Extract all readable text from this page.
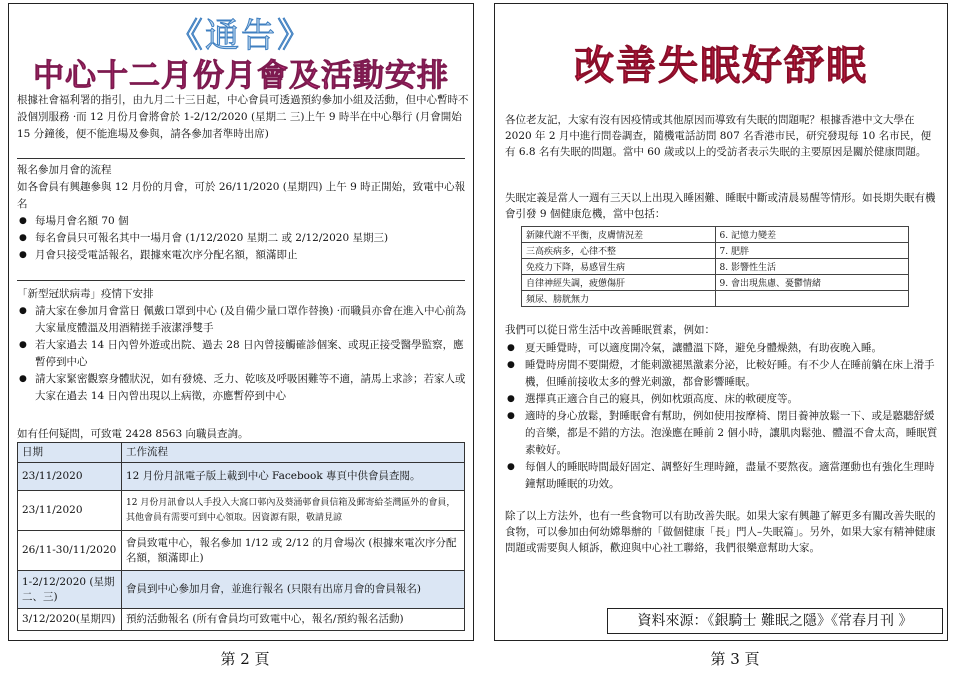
《通告》
中心十二月份月會及活動安排
根據社會福利署的指引，由九月二十三日起，中心會員可透過預約參加小組及活動，但中心暫時不設個別服務 ·而 12 月份月會將會於 1-2/12/2020 (星期二 三)上午 9 時半在中心舉行 (月會開始 15 分鐘後，便不能進場及參與，請各參加者準時出席)

報名參加月會的流程

如各會員有興趣參與 12 月份的月會，可於 26/11/2020 (星期四) 上午 9 時正開始，致電中心報名

● 每場月會名額 70 個
● 每名會員只可報名其中一場月會 (1/12/2020 星期二 或 2/12/2020 星期三)
● 月會只接受電話報名，跟據來電次序分配名額，額滿即止

「新型冠狀病毒」疫情下安排

● 請大家在參加月會當日 佩戴口罩到中心 (及自備少量口罩作替換) ·而職員亦會在進入中心前為大家量度體溫及用酒精搓手液潔淨雙手
● 若大家過去 14 日內曾外遊或出院、過去 28 日內曾接觸確診個案、或現正接受醫學監察，應暫停到中心
● 請大家緊密觀察身體狀況，如有發燒、乏力、乾咳及呼吸困難等不適，請馬上求診；若家人或大家在過去 14 日內曾出現以上病徵，亦應暫停到中心
如有任何疑問，可致電 2428 8563 向職員查詢。
日期	工作流程
23/11/2020	12 月份月訊電子版上載到中心 Facebook 專頁中供會員查閱。
23/11/2020	12 月份月訊會以人手投入大窩口邨內及葵涌邨會員信箱及郵寄給荃灣區外的會員，其他會員有需要可到中心領取。因資源有限，敬請見諒
26/11-30/11/2020	會員致電中心，報名參加 1/12 或 2/12 的月會場次 (根據來電次序分配名額，額滿即止)
1-2/12/2020 (星期二、三)	會員到中心參加月會，並進行報名 (只限有出席月會的會員報名)
3/12/2020(星期四)	預約活動報名 (所有會員均可致電中心，報名/預約報名活動)
第 2 頁
改善失眠好舒眠
各位老友記，大家有沒有因疫情或其他原因而導致有失眠的問題呢？根據香港中文大學在 2020 年 2 月中進行問卷調查，隨機電話訪問 807 名香港市民，研究發現每 10 名市民，便有 6.8 名有失眠的問題。當中 60 歲或以上的受訪者表示失眠的主要原因是關於健康問題。
失眠定義是當人一週有三天以上出現入睡困難、睡眠中斷或清晨易醒等情形。如長期失眠有機會引發 9 個健康危機，當中包括：
新陳代謝不平衡，皮膚情況差	6. 記憶力變差
三高疾病多，心律不整	7. 肥胖
免疫力下降，易感冒生病	8. 影響性生活
自律神經失調，疲憊傷肝	9. 會出現焦慮、憂鬱情緒
頻尿、膀胱無力	
我們可以從日常生活中改善睡眠質素，例如：
● 夏天睡覺時，可以適度開冷氣，讓體溫下降，避免身體燥熱，有助夜晚入睡。
● 睡覺時房間不要開燈，才能刺激褪黑激素分泌，比較好睡。有不少人在睡前躺在床上滑手機，但睡前接收太多的聲光刺激，都會影響睡眠。
● 選擇真正適合自己的寢具，例如枕頭高度、床的軟硬度等。
● 適時的身心放鬆，對睡眠會有幫助，例如使用按摩椅、閉目養神放鬆一下、或是聽聽舒緩的音樂，都是不錯的方法。泡澡應在睡前 2 個小時，讓肌肉鬆弛、體溫不會太高，睡眠質素較好。
● 每個人的睡眠時間最好固定、調整好生理時鐘，盡量不要熬夜。適當運動也有強化生理時鐘幫助睡眠的功效。
除了以上方法外，也有一些食物可以有助改善失眠。如果大家有興趣了解更多有關改善失眠的食物，可以參加由何幼嫦舉辦的「做個健康「長」門人–失眠篇」。另外，如果大家有精神健康問題或需要與人傾訴，歡迎與中心社工聯絡，我們很樂意幫助大家。
資料來源：《銀騎士 難眠之隱》《常春月刊 》
第 3 頁
